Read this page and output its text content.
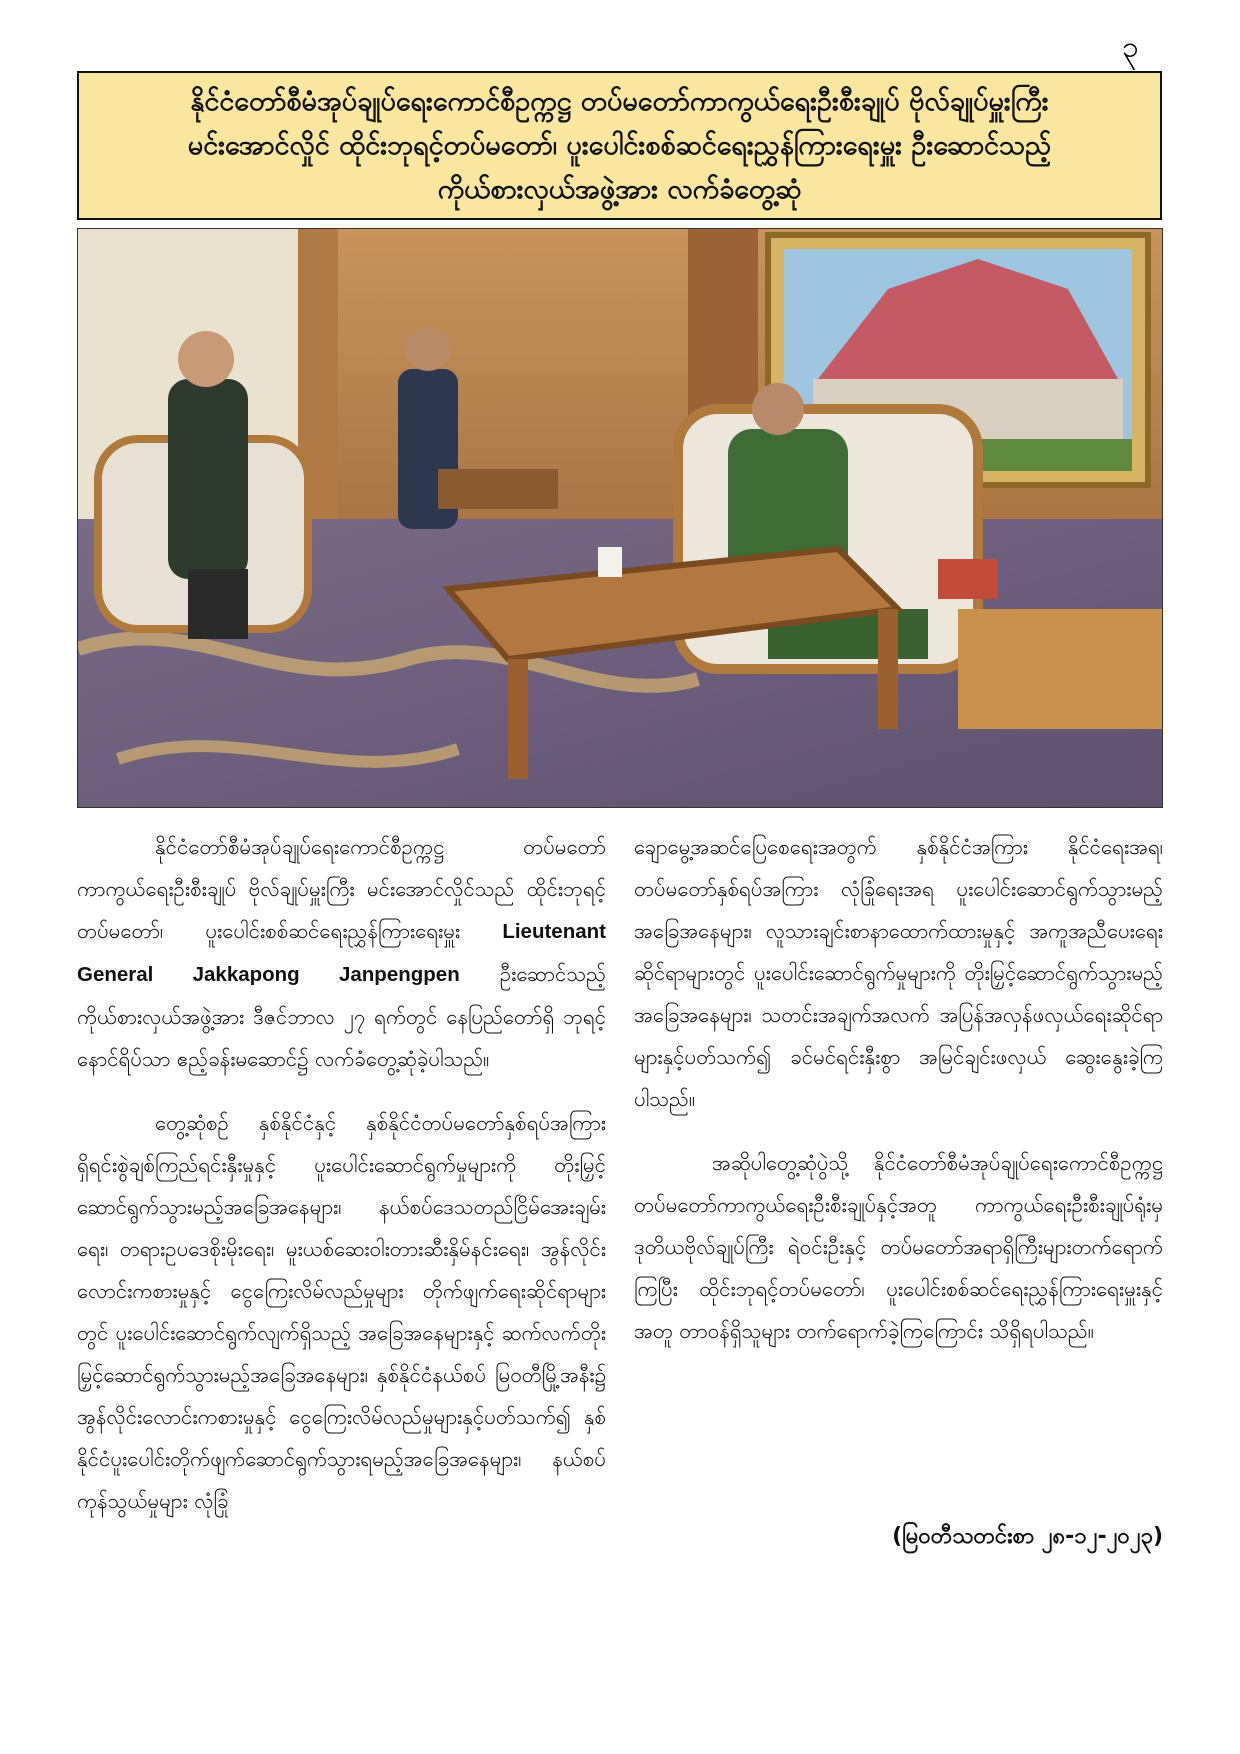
၃
နိုင်ငံတော်စီမံအုပ်ချုပ်ရေးကောင်စီဥက္ကဋ္ဌ တပ်မတော်ကာကွယ်ရေးဦးစီးချုပ် ဗိုလ်ချုပ်မှူးကြီး
မင်းအောင်လှိုင် ထိုင်းဘုရင့်တပ်မတော်၊ ပူးပေါင်းစစ်ဆင်ရေးညွှန်ကြားရေးမှူး ဦးဆောင်သည့်
ကိုယ်စားလှယ်အဖွဲ့အား လက်ခံတွေ့ဆုံ

နိုင်ငံတော်စီမံအုပ်ချုပ်ရေးကောင်စီဥက္ကဋ္ဌ တပ်မတော်ကာကွယ်ရေးဦးစီးချုပ် ဗိုလ်ချုပ်မှူးကြီး မင်းအောင်လှိုင်သည် ထိုင်းဘုရင့်တပ်မတော်၊ ပူးပေါင်းစစ်ဆင်ရေးညွှန်ကြားရေးမှူး Lieutenant General Jakkapong Janpengpen ဦးဆောင်သည့် ကိုယ်စားလှယ်အဖွဲ့အား ဒီဇင်ဘာလ ၂၇ ရက်တွင် နေပြည်တော်ရှိ ဘုရင့်နောင်ရိပ်သာ ဧည့်ခန်းမဆောင်၌ လက်ခံတွေ့ဆုံခဲ့ပါသည်။

တွေ့ဆုံစဉ် နှစ်နိုင်ငံနှင့် နှစ်နိုင်ငံတပ်မတော်နှစ်ရပ်အကြား ရှိရင်းစွဲချစ်ကြည်ရင်းနှီးမှုနှင့် ပူးပေါင်းဆောင်ရွက်မှုများကို တိုးမြှင့်ဆောင်ရွက်သွားမည့်အခြေအနေများ၊ နယ်စပ်ဒေသတည်ငြိမ်အေးချမ်းရေး၊ တရားဥပဒေစိုးမိုးရေး၊ မူးယစ်ဆေးဝါးတားဆီးနှိမ်နင်းရေး၊ အွန်လိုင်းလောင်းကစားမှုနှင့် ငွေကြေးလိမ်လည်မှုများ တိုက်ဖျက်ရေးဆိုင်ရာများတွင် ပူးပေါင်းဆောင်ရွက်လျက်ရှိသည့် အခြေအနေများနှင့် ဆက်လက်တိုးမြှင့်ဆောင်ရွက်သွားမည့်အခြေအနေများ၊ နှစ်နိုင်ငံနယ်စပ် မြဝတီမြို့အနီး၌ အွန်လိုင်းလောင်းကစားမှုနှင့် ငွေကြေးလိမ်လည်မှုများနှင့်ပတ်သက်၍ နှစ်နိုင်ငံပူးပေါင်းတိုက်ဖျက်ဆောင်ရွက်သွားရမည့်အခြေအနေများ၊ နယ်စပ်ကုန်သွယ်မှုများ လုံခြုံ

ချောမွေ့အဆင်ပြေစေရေးအတွက် နှစ်နိုင်ငံအကြား နိုင်ငံရေးအရ၊ တပ်မတော်နှစ်ရပ်အကြား လုံခြုံရေးအရ ပူးပေါင်းဆောင်ရွက်သွားမည့်အခြေအနေများ၊ လူသားချင်းစာနာထောက်ထားမှုနှင့် အကူအညီပေးရေးဆိုင်ရာများတွင် ပူးပေါင်းဆောင်ရွက်မှုများကို တိုးမြှင့်ဆောင်ရွက်သွားမည့် အခြေအနေများ၊ သတင်းအချက်အလက် အပြန်အလှန်ဖလှယ်ရေးဆိုင်ရာများနှင့်ပတ်သက်၍ ခင်မင်ရင်းနှီးစွာ အမြင်ချင်းဖလှယ် ဆွေးနွေးခဲ့ကြပါသည်။

အဆိုပါတွေ့ဆုံပွဲသို့ နိုင်ငံတော်စီမံအုပ်ချုပ်ရေးကောင်စီဥက္ကဋ္ဌ တပ်မတော်ကာကွယ်ရေးဦးစီးချုပ်နှင့်အတူ ကာကွယ်ရေးဦးစီးချုပ်ရုံးမှ ဒုတိယဗိုလ်ချုပ်ကြီး ရဲဝင်းဦးနှင့် တပ်မတော်အရာရှိကြီးများတက်ရောက်ကြပြီး ထိုင်းဘုရင့်တပ်မတော်၊ ပူးပေါင်းစစ်ဆင်ရေးညွှန်ကြားရေးမှူးနှင့်အတူ တာဝန်ရှိသူများ တက်ရောက်ခဲ့ကြကြောင်း သိရှိရပါသည်။

(မြဝတီသတင်းစာ ၂၈-၁၂-၂၀၂၃)
